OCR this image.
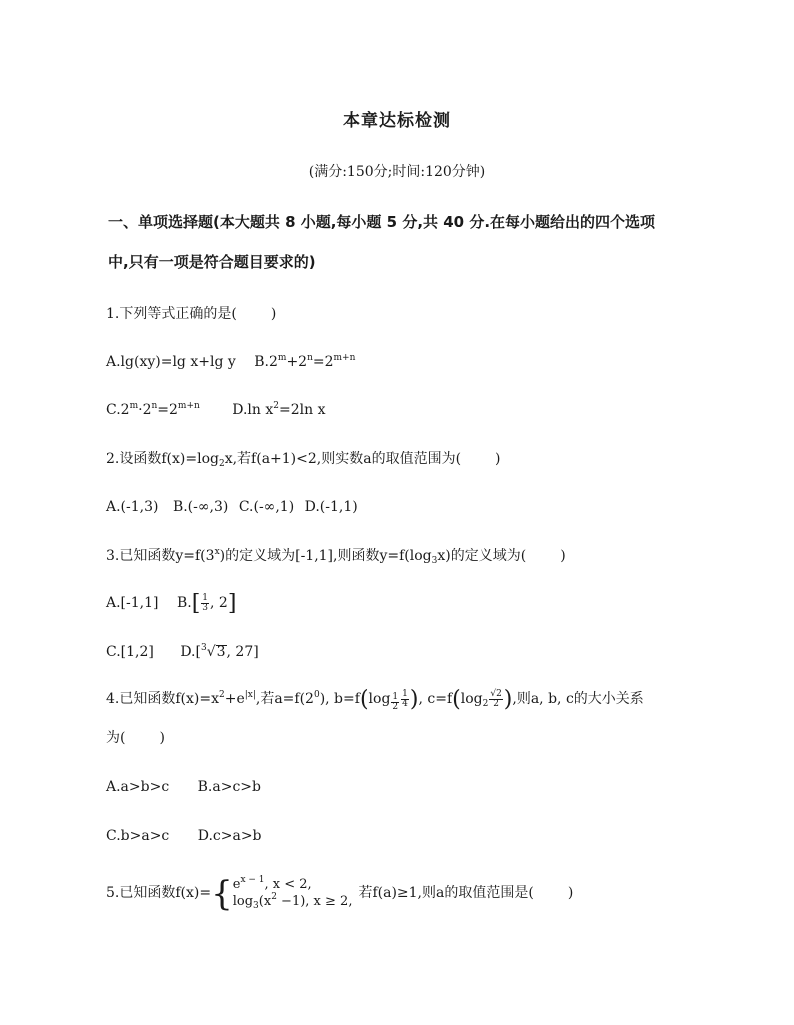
本章达标检测
(满分:150分;时间:120分钟)
一、单项选择题(本大题共 8 小题,每小题 5 分,共 40 分.在每小题给出的四个选项
中,只有一项是符合题目要求的)
1.下列等式正确的是( )
A.lg(xy)=lg x+lg y $B.2^m+2^n=2^{m+n}$
$C.2^m\cdot 2^n=2^{m+n}$ D.ln $x^2=2\ln$ x
2.设函数$f(x)=\log_2x$,若f(a+1)<2,则实数a的取值范围为( )
A.(-1,3) B.(-∞,3) C.(-∞,1) D.(-1,1)
3.已知函数$y=f(3^x)$的定义域为[-1,1],则函数$y=f(\log_3x)$的定义域为( )
A.[-1,1] $B.[ \frac{1}{3}$ , 2]
C.[1,2] D.[$^3$√3, 27]
4.已知函数$f(x)=x^2+e^{|x|}$,若$a=f(2^0)$, $b=f(\log \frac{1}{2} \frac{1}{4}$ ), $c=f(\log_2 \frac{√2}{2}$ ),则a, b, c的大小关系
为( )
A.a>b>c B.a>c>b
C.b>a>c D.c>a>b
5.已知函数f(x)={ $e^{x - 1}$, x < 2,
$\log_3(x^2 -1)$, x ≥ 2,
若f(a)≥1,则a的取值范围是( )
